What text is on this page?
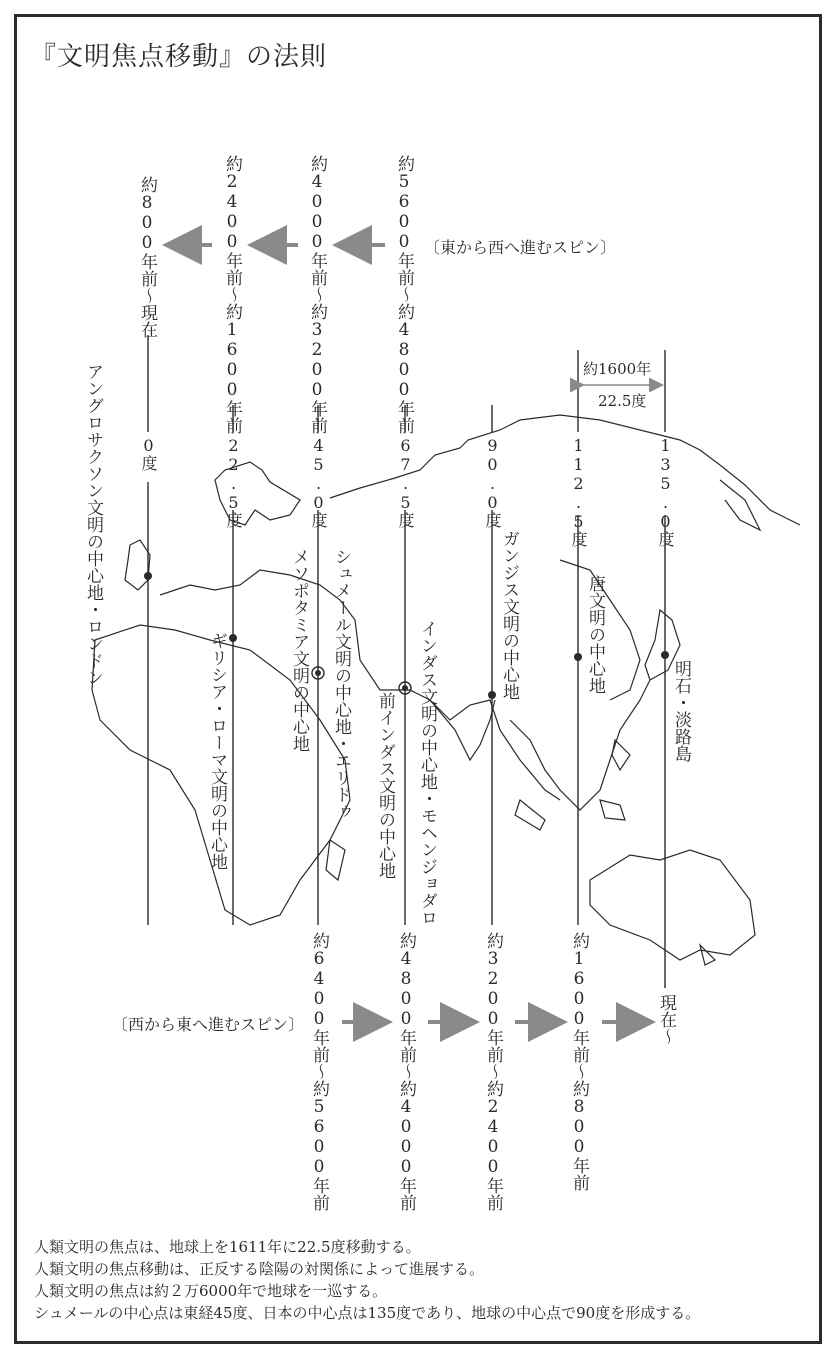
『文明焦点移動』の法則
約800年前〜現在	約2400年前〜約1600年前	約4000年前〜約3200年前	約5600年前〜約4800年前 〔東から西へ進むスピン〕
0度	22.5度	45.0度	67.5度	90.0度	112.5度	135.0度
約1600年
22.5度
アングロサクソン文明の中心地・ロンドン
ギリシア・ローマ文明の中心地	メソポタミア文明の中心地 シュメール文明の中心地・エリドゥ 前インダス文明の中心地 インダス文明の中心地・モヘンジョダロ
ガンジス文明の中心地	唐文明の中心地
明石・淡路島
約6400年前〜約5600年前	約4800年前〜約4000年前	約3200年前〜約2400年前	約1600年前〜約800年前	現在〜
〔西から東へ進むスピン〕
人類文明の焦点は、地球上を1611年に22.5度移動する。
人類文明の焦点移動は、正反する陰陽の対関係によって進展する。
人類文明の焦点は約２万6000年で地球を一巡する。
シュメールの中心点は東経45度、日本の中心点は135度であり、地球の中心点で90度を形成する。
